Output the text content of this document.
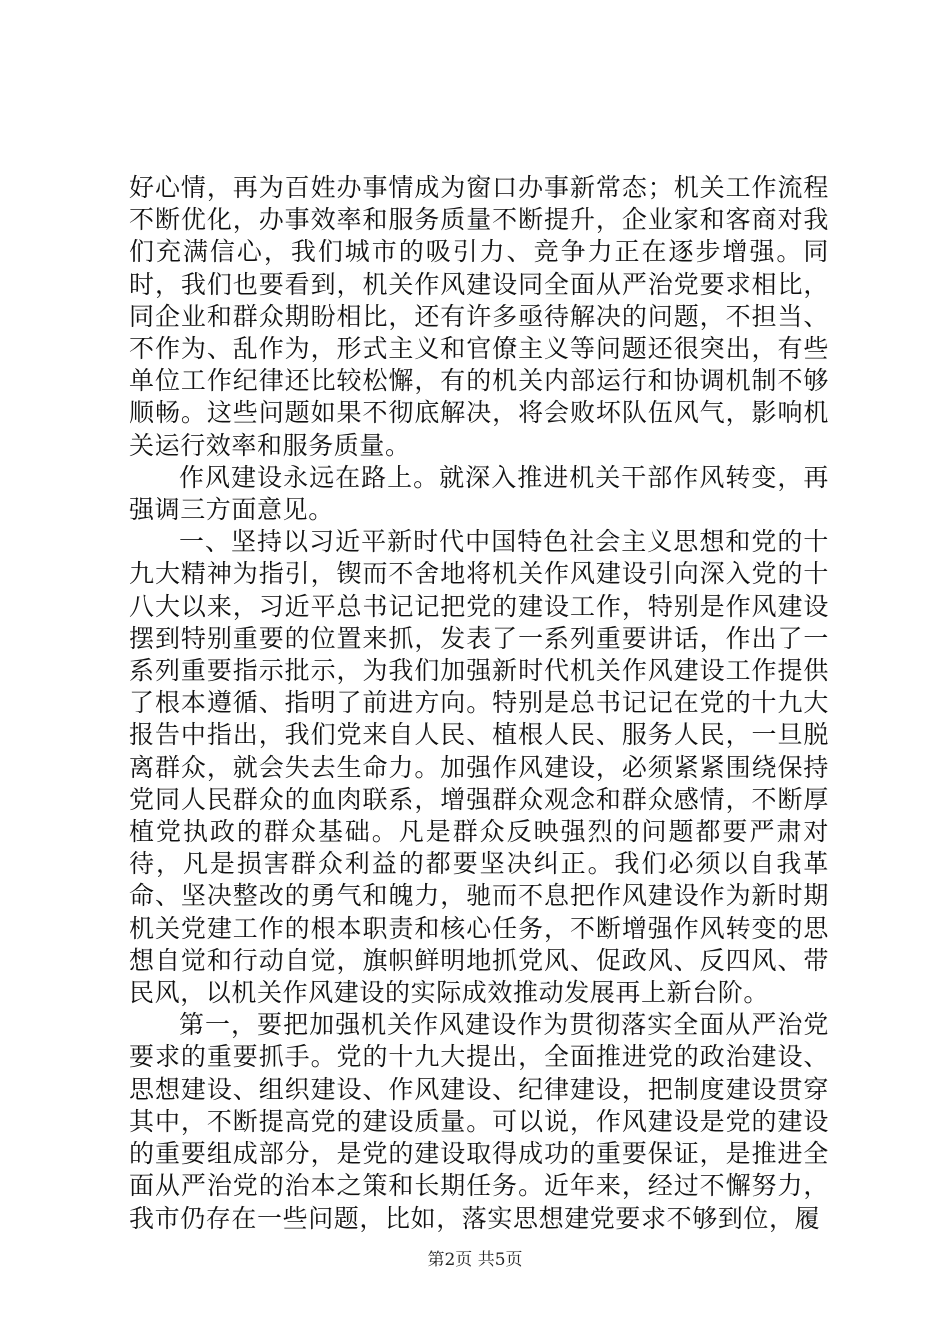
好心情，再为百姓办事情成为窗口办事新常态；机关工作流程不断优化，办事效率和服务质量不断提升，企业家和客商对我们充满信心，我们城市的吸引力、竞争力正在逐步增强。同时，我们也要看到，机关作风建设同全面从严治党要求相比，同企业和群众期盼相比，还有许多亟待解决的问题，不担当、不作为、乱作为，形式主义和官僚主义等问题还很突出，有些单位工作纪律还比较松懈，有的机关内部运行和协调机制不够顺畅。这些问题如果不彻底解决，将会败坏队伍风气，影响机关运行效率和服务质量。

作风建设永远在路上。就深入推进机关干部作风转变，再强调三方面意见。

一、坚持以习近平新时代中国特色社会主义思想和党的十九大精神为指引，锲而不舍地将机关作风建设引向深入党的十八大以来，习近平总书记记把党的建设工作，特别是作风建设摆到特别重要的位置来抓，发表了一系列重要讲话，作出了一系列重要指示批示，为我们加强新时代机关作风建设工作提供了根本遵循、指明了前进方向。特别是总书记记在党的十九大报告中指出，我们党来自人民、植根人民、服务人民，一旦脱离群众，就会失去生命力。加强作风建设，必须紧紧围绕保持党同人民群众的血肉联系，增强群众观念和群众感情，不断厚植党执政的群众基础。凡是群众反映强烈的问题都要严肃对待，凡是损害群众利益的都要坚决纠正。我们必须以自我革命、坚决整改的勇气和魄力，驰而不息把作风建设作为新时期机关党建工作的根本职责和核心任务，不断增强作风转变的思想自觉和行动自觉，旗帜鲜明地抓党风、促政风、反四风、带民风，以机关作风建设的实际成效推动发展再上新台阶。

第一，要把加强机关作风建设作为贯彻落实全面从严治党要求的重要抓手。党的十九大提出，全面推进党的政治建设、思想建设、组织建设、作风建设、纪律建设，把制度建设贯穿其中，不断提高党的建设质量。可以说，作风建设是党的建设的重要组成部分，是党的建设取得成功的重要保证，是推进全面从严治党的治本之策和长期任务。近年来，经过不懈努力，我市仍存在一些问题，比如，落实思想建党要求不够到位，履

第2页 共5页
